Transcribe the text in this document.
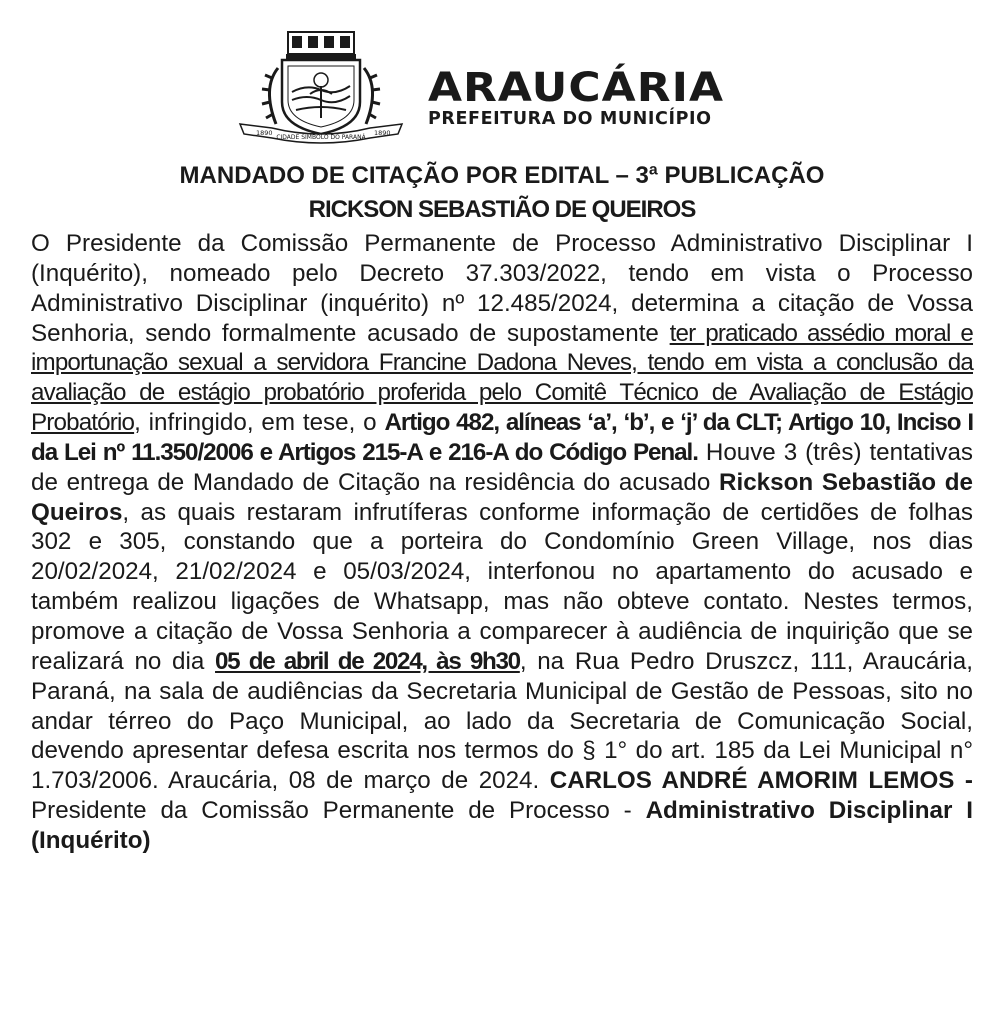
1890
CIDADE SÍMBOLO DO PARANÁ
1890
ARAUCÁRIA
PREFEITURA DO MUNICÍPIO
MANDADO DE CITAÇÃO POR EDITAL – 3ª PUBLICAÇÃO
RICKSON SEBASTIÃO DE QUEIROS

O Presidente da Comissão Permanente de Processo Administrativo Disciplinar I (Inquérito), nomeado pelo Decreto 37.303/2022, tendo em vista o Processo Administrativo Disciplinar (inquérito) nº 12.485/2024, determina a citação de Vossa Senhoria, sendo formalmente acusado de supostamente ter praticado assédio moral e importunação sexual a servidora Francine Dadona Neves, tendo em vista a conclusão da avaliação de estágio probatório proferida pelo Comitê Técnico de Avaliação de Estágio Probatório, infringido, em tese, o Artigo 482, alíneas ‘a’, ‘b’, e ‘j’ da CLT; Artigo 10, Inciso I da Lei nº 11.350/2006 e Artigos 215-A e 216-A do Código Penal. Houve 3 (três) tentativas de entrega de Mandado de Citação na residência do acusado Rickson Sebastião de Queiros, as quais restaram infrutíferas conforme informação de certidões de folhas 302 e 305, constando que a porteira do Condomínio Green Village, nos dias 20/02/2024, 21/02/2024 e 05/03/2024, interfonou no apartamento do acusado e também realizou ligações de Whatsapp, mas não obteve contato. Nestes termos, promove a citação de Vossa Senhoria a comparecer à audiência de inquirição que se realizará no dia 05 de abril de 2024, às 9h30, na Rua Pedro Druszcz, 111, Araucária, Paraná, na sala de audiências da Secretaria Municipal de Gestão de Pessoas, sito no andar térreo do Paço Municipal, ao lado da Secretaria de Comunicação Social, devendo apresentar defesa escrita nos termos do § 1° do art. 185 da Lei Municipal n° 1.703/2006. Araucária, 08 de março de 2024. CARLOS ANDRÉ AMORIM LEMOS - Presidente da Comissão Permanente de Processo - Administrativo Disciplinar I (Inquérito)
